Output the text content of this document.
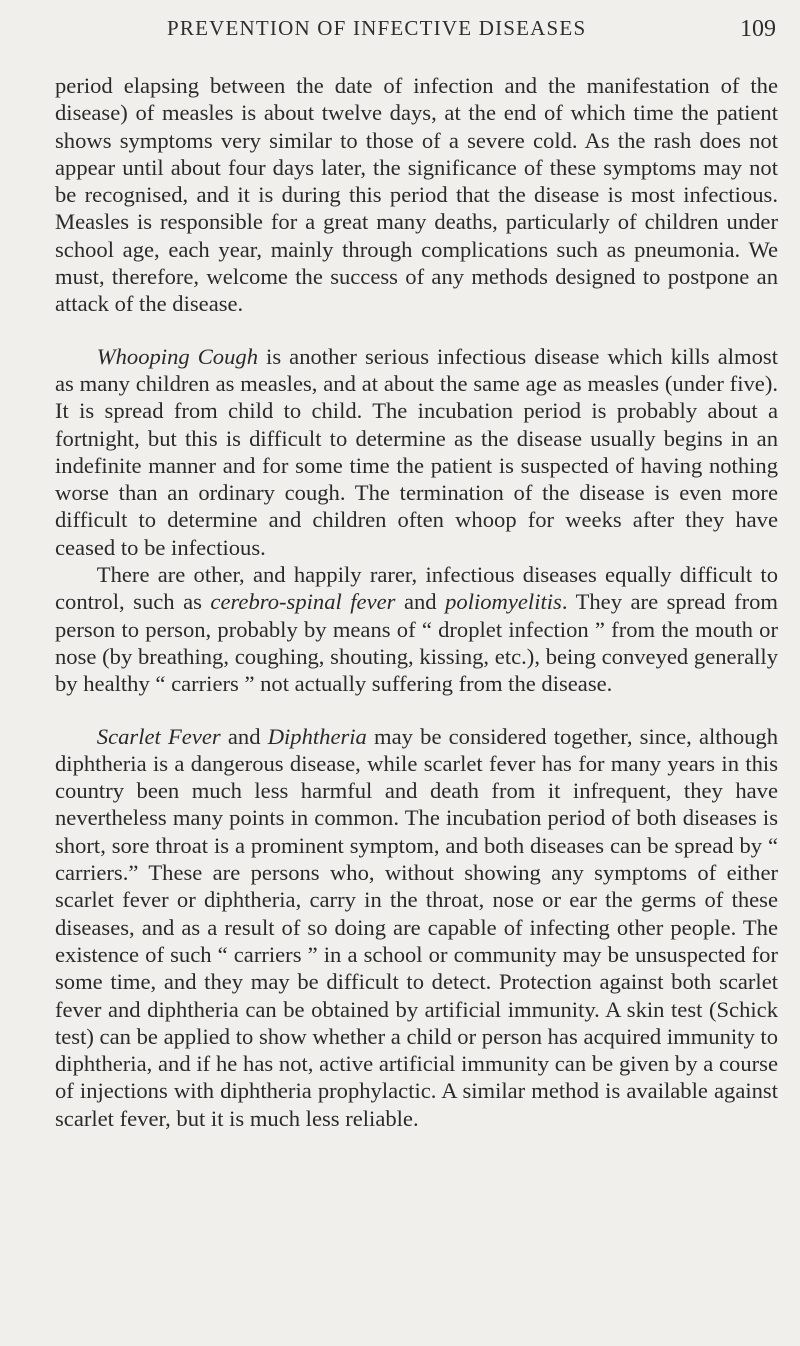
PREVENTION OF INFECTIVE DISEASES	109

period elapsing between the date of infection and the manifestation of the disease) of measles is about twelve days, at the end of which time the patient shows symptoms very similar to those of a severe cold. As the rash does not appear until about four days later, the significance of these symptoms may not be recognised, and it is during this period that the disease is most infectious. Measles is responsible for a great many deaths, particularly of children under school age, each year, mainly through complications such as pneumonia. We must, therefore, welcome the success of any methods designed to postpone an attack of the disease.

Whooping Cough is another serious infectious disease which kills almost as many children as measles, and at about the same age as measles (under five). It is spread from child to child. The incubation period is probably about a fortnight, but this is difficult to determine as the disease usually begins in an indefinite manner and for some time the patient is suspected of having nothing worse than an ordinary cough. The termination of the disease is even more difficult to determine and children often whoop for weeks after they have ceased to be infectious.

There are other, and happily rarer, infectious diseases equally difficult to control, such as cerebro-spinal fever and poliomyelitis. They are spread from person to person, probably by means of “ droplet infection ” from the mouth or nose (by breathing, coughing, shouting, kissing, etc.), being conveyed generally by healthy “ carriers ” not actually suffering from the disease.

Scarlet Fever and Diphtheria may be considered together, since, although diphtheria is a dangerous disease, while scarlet fever has for many years in this country been much less harmful and death from it infrequent, they have nevertheless many points in common. The incubation period of both diseases is short, sore throat is a prominent symptom, and both diseases can be spread by “ carriers.” These are persons who, without showing any symptoms of either scarlet fever or diphtheria, carry in the throat, nose or ear the germs of these diseases, and as a result of so doing are capable of infecting other people. The existence of such “ carriers ” in a school or community may be unsuspected for some time, and they may be difficult to detect. Protection against both scarlet fever and diphtheria can be obtained by artificial immunity. A skin test (Schick test) can be applied to show whether a child or person has acquired immunity to diphtheria, and if he has not, active artificial immunity can be given by a course of injections with diphtheria prophylactic. A similar method is available against scarlet fever, but it is much less reliable.
